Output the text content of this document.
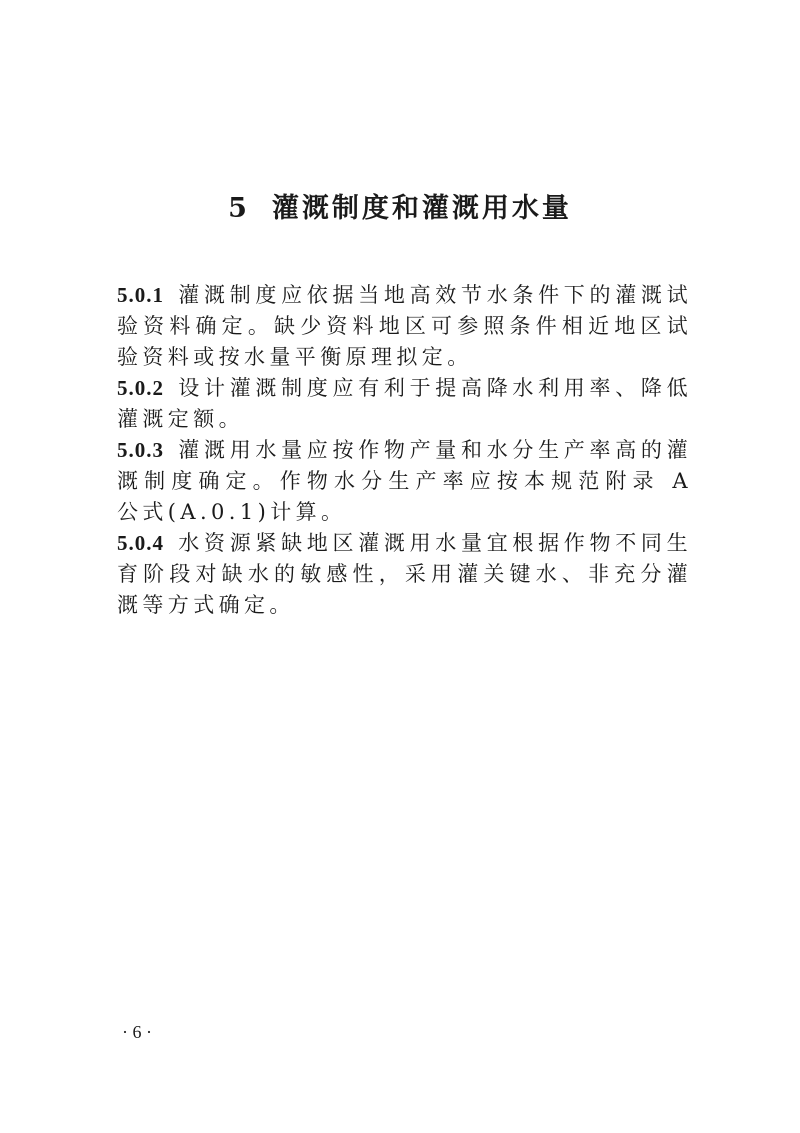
5 灌溉制度和灌溉用水量

5.0.1 灌溉制度应依据当地高效节水条件下的灌溉试验资料确定。缺少资料地区可参照条件相近地区试验资料或按水量平衡原理拟定。

5.0.2 设计灌溉制度应有利于提高降水利用率、降低灌溉定额。

5.0.3 灌溉用水量应按作物产量和水分生产率高的灌溉制度确定。作物水分生产率应按本规范附录 A 公式(A.0.1)计算。

5.0.4 水资源紧缺地区灌溉用水量宜根据作物不同生育阶段对缺水的敏感性，采用灌关键水、非充分灌溉等方式确定。

· 6 ·
